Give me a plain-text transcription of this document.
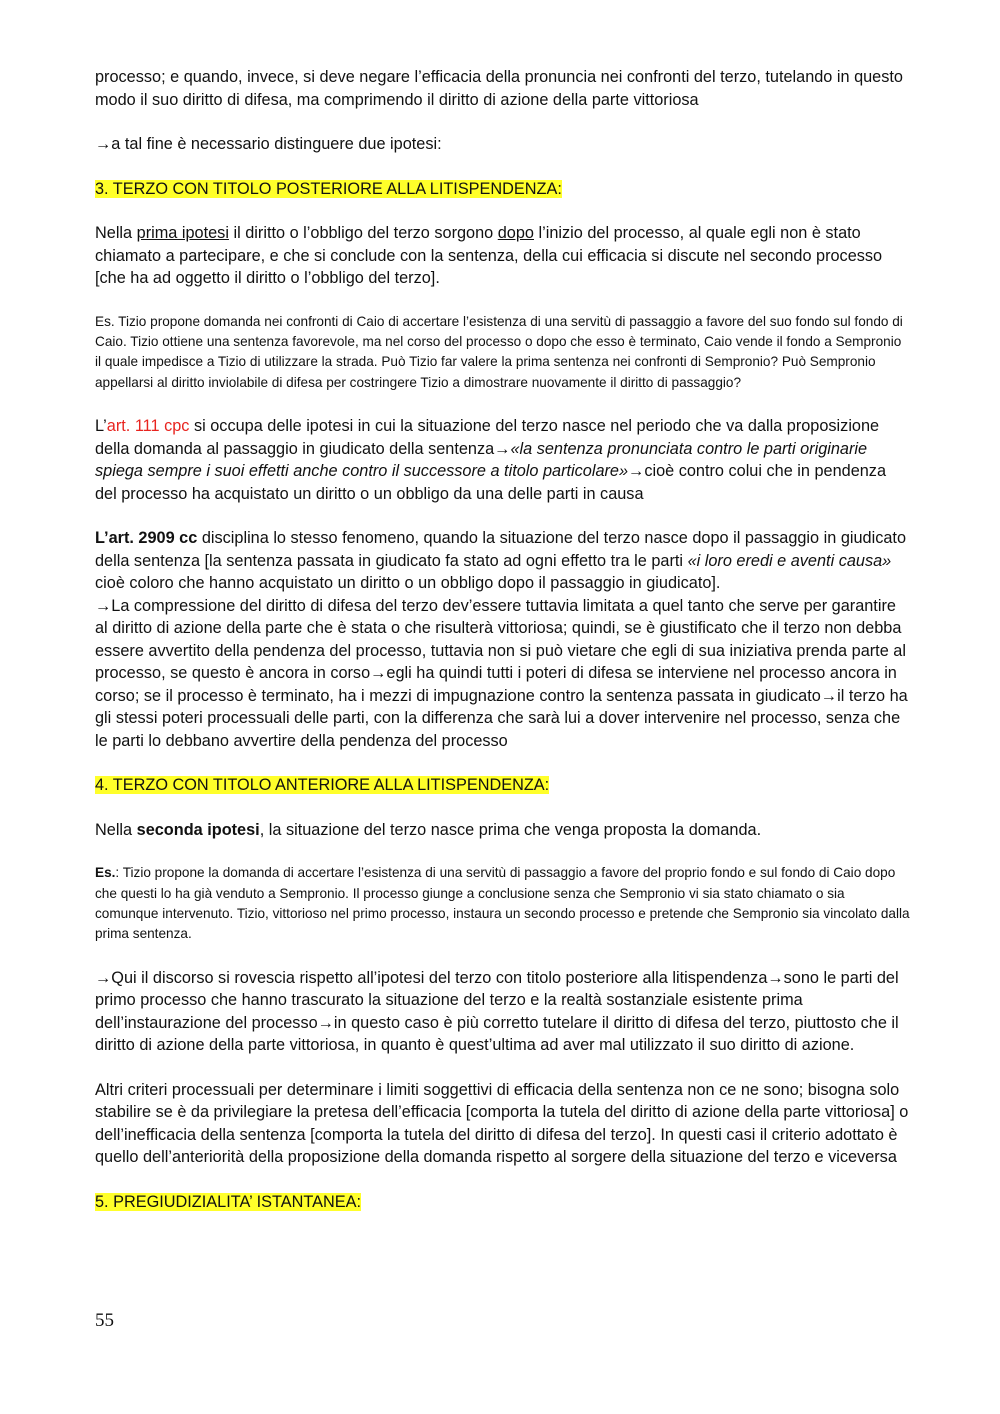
processo; e quando, invece, si deve negare l’efficacia della pronuncia nei confronti del terzo, tutelando in questo modo il suo diritto di difesa, ma comprimendo il diritto di azione della parte vittoriosa

→a tal fine è necessario distinguere due ipotesi:

3. TERZO CON TITOLO POSTERIORE ALLA LITISPENDENZA:

Nella prima ipotesi il diritto o l’obbligo del terzo sorgono dopo l’inizio del processo, al quale egli non è stato chiamato a partecipare, e che si conclude con la sentenza, della cui efficacia si discute nel secondo processo [che ha ad oggetto il diritto o l’obbligo del terzo].

Es. Tizio propone domanda nei confronti di Caio di accertare l’esistenza di una servitù di passaggio a favore del suo fondo sul fondo di Caio. Tizio ottiene una sentenza favorevole, ma nel corso del processo o dopo che esso è terminato, Caio vende il fondo a Sempronio il quale impedisce a Tizio di utilizzare la strada. Può Tizio far valere la prima sentenza nei confronti di Sempronio? Può Sempronio appellarsi al diritto inviolabile di difesa per costringere Tizio a dimostrare nuovamente il diritto di passaggio?

L’art. 111 cpc si occupa delle ipotesi in cui la situazione del terzo nasce nel periodo che va dalla proposizione della domanda al passaggio in giudicato della sentenza→«la sentenza pronunciata contro le parti originarie spiega sempre i suoi effetti anche contro il successore a titolo particolare»→cioè contro colui che in pendenza del processo ha acquistato un diritto o un obbligo da una delle parti in causa

L’art. 2909 cc disciplina lo stesso fenomeno, quando la situazione del terzo nasce dopo il passaggio in giudicato della sentenza [la sentenza passata in giudicato fa stato ad ogni effetto tra le parti «i loro eredi e aventi causa» cioè coloro che hanno acquistato un diritto o un obbligo dopo il passaggio in giudicato].
→La compressione del diritto di difesa del terzo dev’essere tuttavia limitata a quel tanto che serve per garantire al diritto di azione della parte che è stata o che risulterà vittoriosa; quindi, se è giustificato che il terzo non debba essere avvertito della pendenza del processo, tuttavia non si può vietare che egli di sua iniziativa prenda parte al processo, se questo è ancora in corso→egli ha quindi tutti i poteri di difesa se interviene nel processo ancora in corso; se il processo è terminato, ha i mezzi di impugnazione contro la sentenza passata in giudicato→il terzo ha gli stessi poteri processuali delle parti, con la differenza che sarà lui a dover intervenire nel processo, senza che le parti lo debbano avvertire della pendenza del processo

4. TERZO CON TITOLO ANTERIORE ALLA LITISPENDENZA:

Nella seconda ipotesi, la situazione del terzo nasce prima che venga proposta la domanda.

Es.: Tizio propone la domanda di accertare l’esistenza di una servitù di passaggio a favore del proprio fondo e sul fondo di Caio dopo che questi lo ha già venduto a Sempronio. Il processo giunge a conclusione senza che Sempronio vi sia stato chiamato o sia comunque intervenuto. Tizio, vittorioso nel primo processo, instaura un secondo processo e pretende che Sempronio sia vincolato dalla prima sentenza.

→Qui il discorso si rovescia rispetto all’ipotesi del terzo con titolo posteriore alla litispendenza→sono le parti del primo processo che hanno trascurato la situazione del terzo e la realtà sostanziale esistente prima dell’instaurazione del processo→in questo caso è più corretto tutelare il diritto di difesa del terzo, piuttosto che il diritto di azione della parte vittoriosa, in quanto è quest’ultima ad aver mal utilizzato il suo diritto di azione.

Altri criteri processuali per determinare i limiti soggettivi di efficacia della sentenza non ce ne sono; bisogna solo stabilire se è da privilegiare la pretesa dell’efficacia [comporta la tutela del diritto di azione della parte vittoriosa] o dell’inefficacia della sentenza [comporta la tutela del diritto di difesa del terzo]. In questi casi il criterio adottato è quello dell’anteriorità della proposizione della domanda rispetto al sorgere della situazione del terzo e viceversa

5. PREGIUDIZIALITA’ ISTANTANEA:

55
